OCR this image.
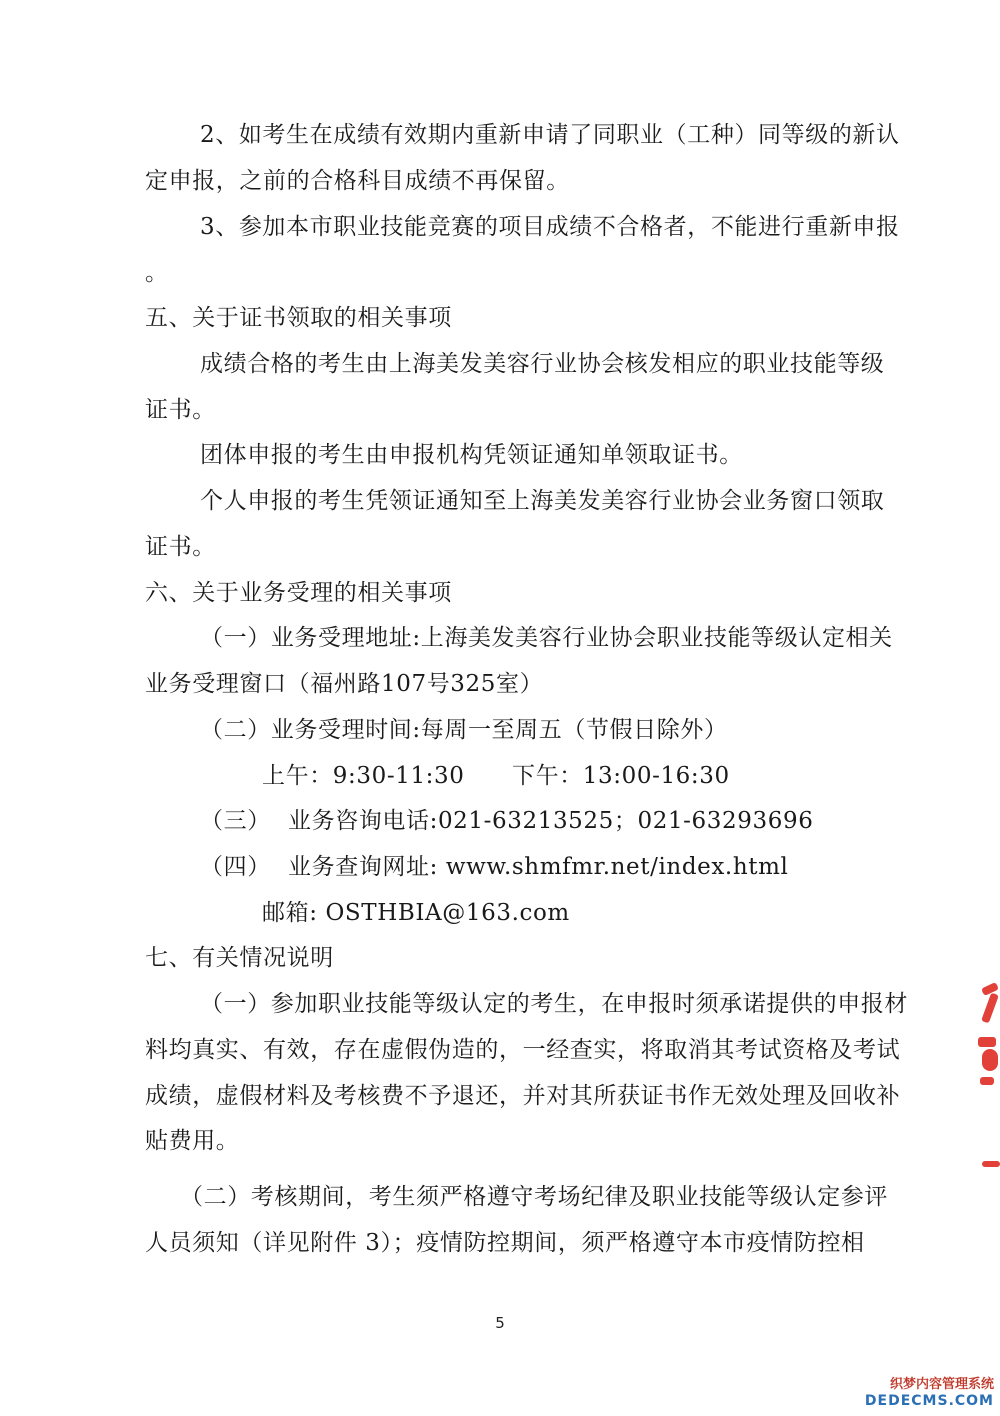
2、如考生在成绩有效期内重新申请了同职业（工种）同等级的新认

定申报，之前的合格科目成绩不再保留。

3、参加本市职业技能竞赛的项目成绩不合格者，不能进行重新申报

。

五、关于证书领取的相关事项

成绩合格的考生由上海美发美容行业协会核发相应的职业技能等级

证书。

团体申报的考生由申报机构凭领证通知单领取证书。

个人申报的考生凭领证通知至上海美发美容行业协会业务窗口领取

证书。

六、关于业务受理的相关事项

（一）业务受理地址:上海美发美容行业协会职业技能等级认定相关

业务受理窗口（福州路107号325室）

（二）业务受理时间:每周一至周五（节假日除外）

上午：9:30-11:30 下午：13:00-16:30

（三） 业务咨询电话:021-63213525；021-63293696

（四） 业务查询网址: www.shmfmr.net/index.html

邮箱: OSTHBIA@163.com

七、有关情况说明

（一）参加职业技能等级认定的考生，在申报时须承诺提供的申报材

料均真实、有效，存在虚假伪造的，一经查实，将取消其考试资格及考试

成绩，虚假材料及考核费不予退还，并对其所获证书作无效处理及回收补

贴费用。

（二）考核期间，考生须严格遵守考场纪律及职业技能等级认定参评

人员须知（详见附件 3）；疫情防控期间，须严格遵守本市疫情防控相

5
织梦内容管理系统
DEDECMS.COM
